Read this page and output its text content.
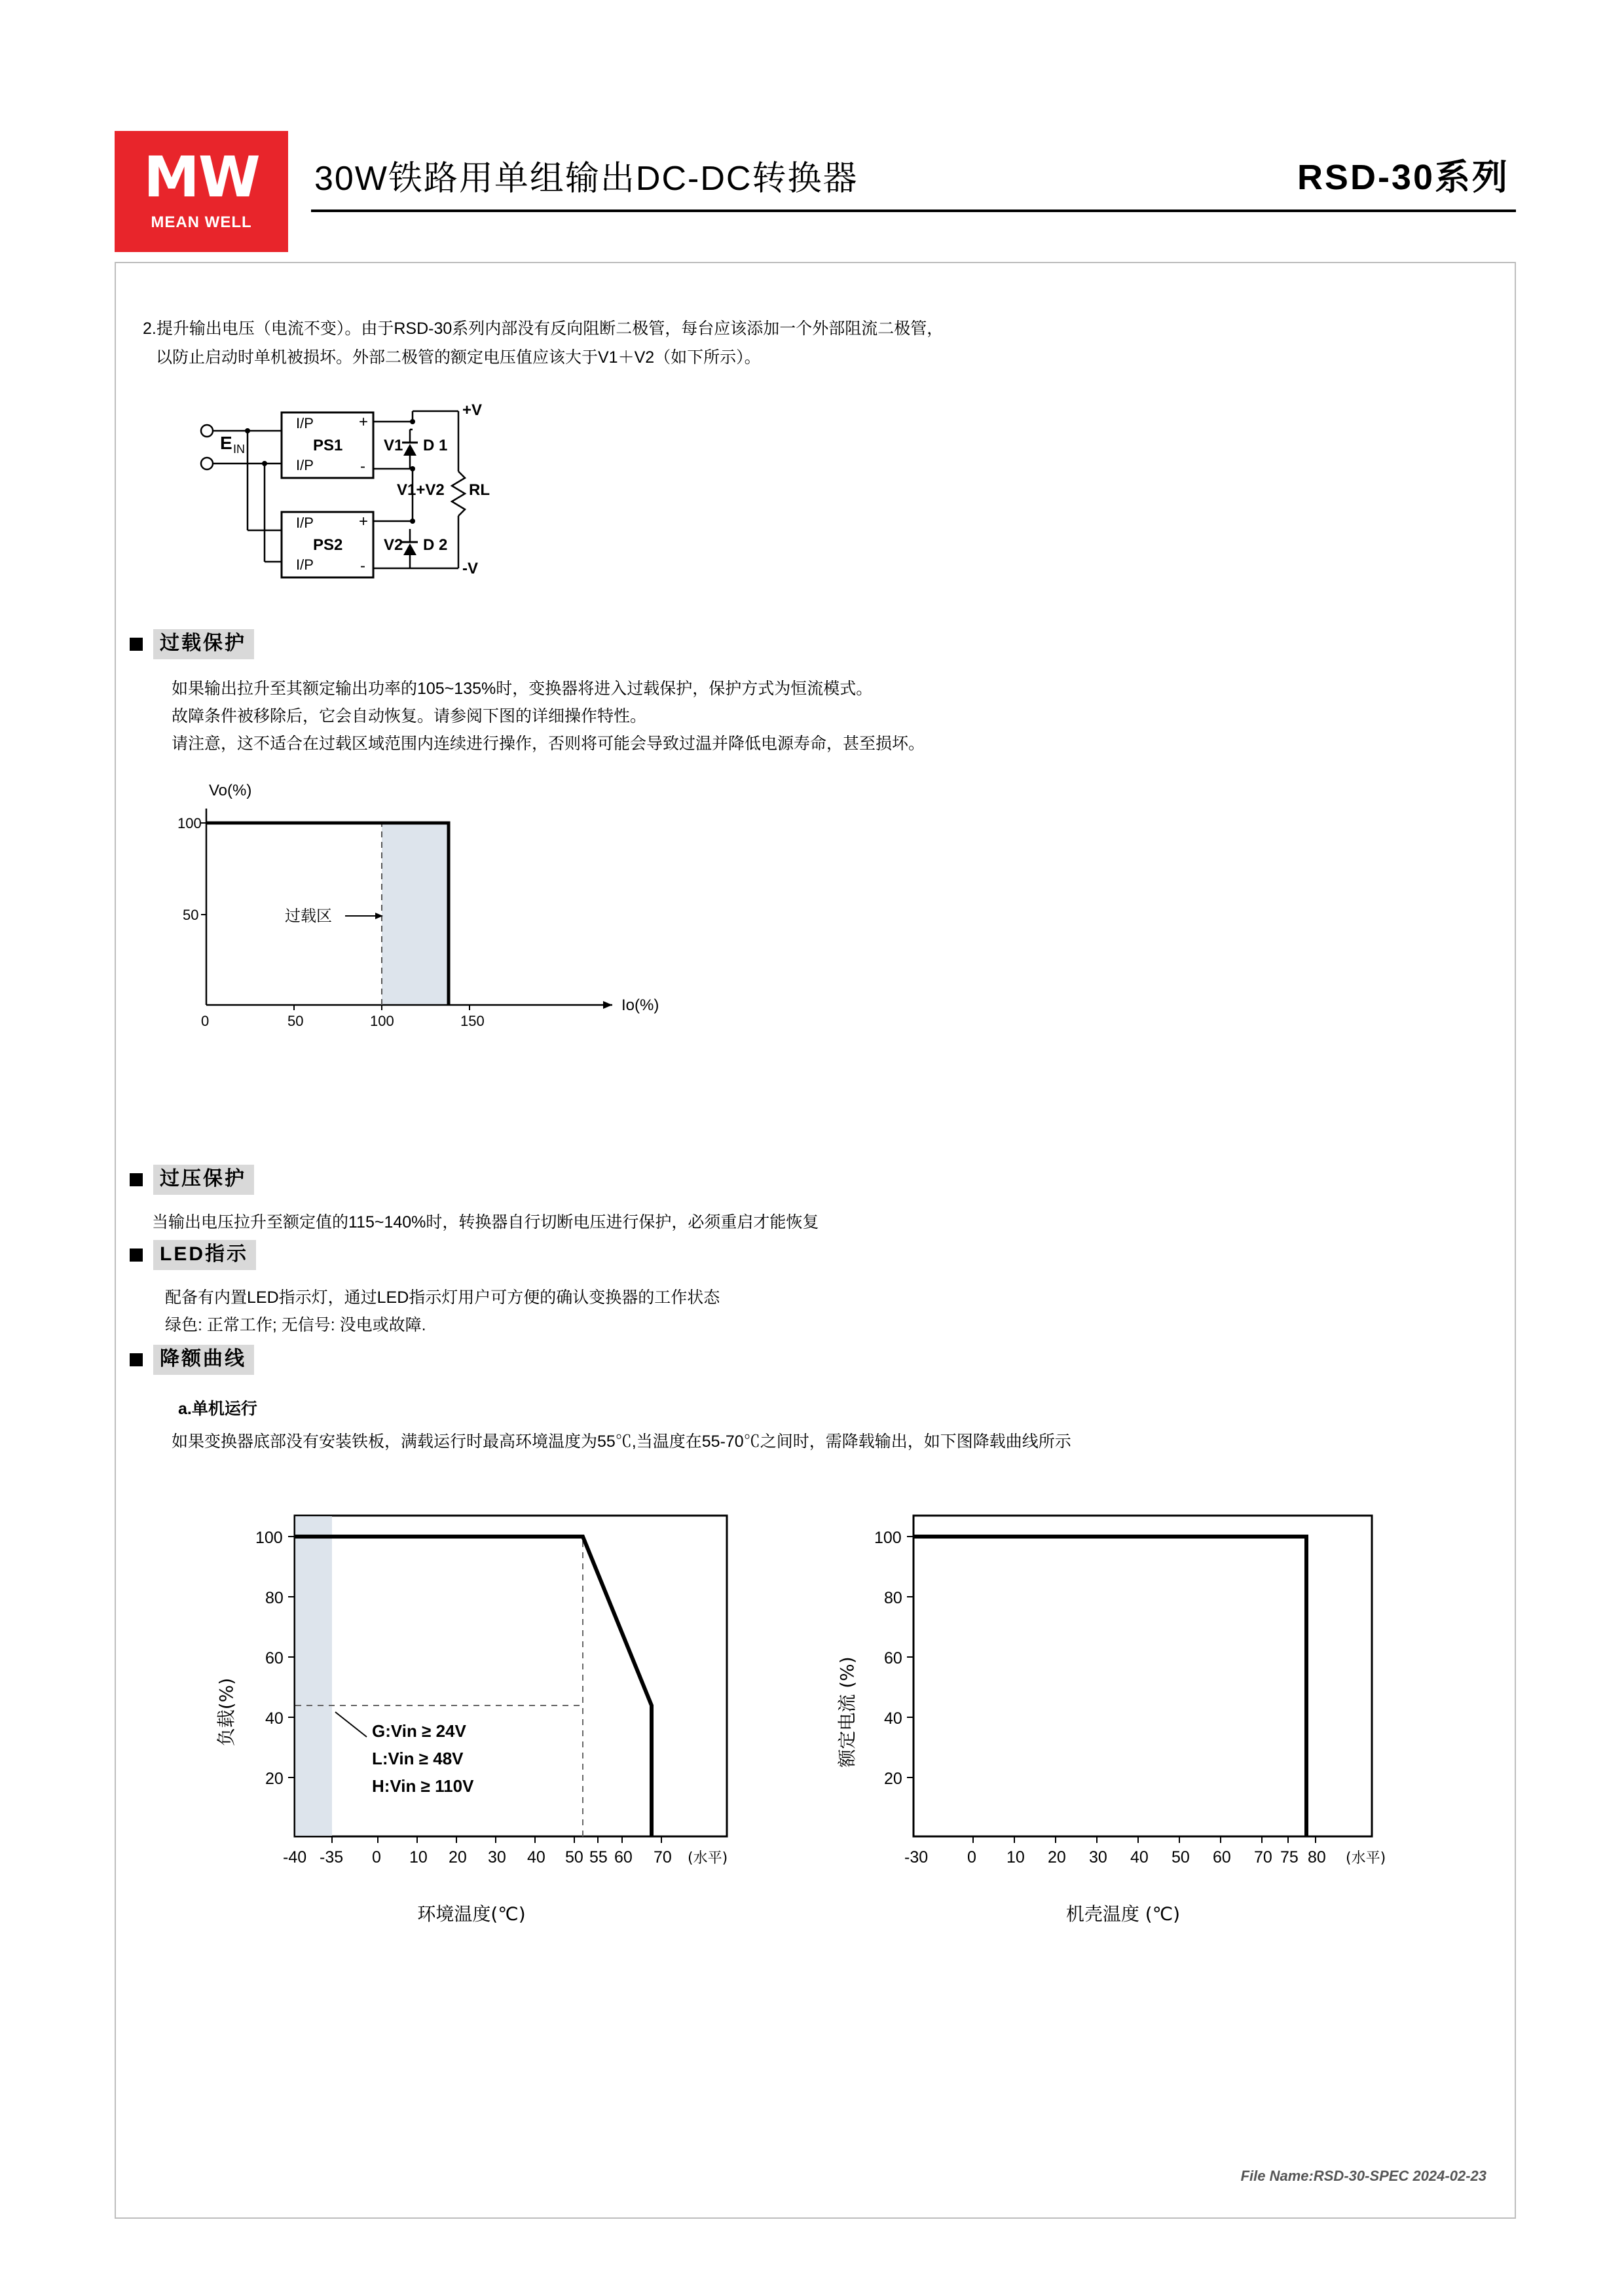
MW
MEAN WELL
30W铁路用单组输出DC-DC转换器	RSD-30系列
2.提升输出电压（电流不变）。由于RSD-30系列内部没有反向阻断二极管，每台应该添加一个外部阻流二极管，
以防止启动时单机被损坏。外部二极管的额定电压值应该大于V1＋V2（如下所示）。
I/P
I/P
PS1
+
-
I/P
I/P
PS2
+
-
V1 D 1
V2 D 2
RL
V1+V2
+V
-V
E IN
过载保护
如果输出拉升至其额定输出功率的105~135%时，变换器将进入过载保护，保护方式为恒流模式。
故障条件被移除后，它会自动恢复。请参阅下图的详细操作特性。
请注意，这不适合在过载区域范围内连续进行操作，否则将可能会导致过温并降低电源寿命，甚至损坏。
100
50
0	50	100	150
Vo(%)
Io(%)
过载区
过压保护
当输出电压拉升至额定值的115~140%时，转换器自行切断电压进行保护，必须重启才能恢复
LED指示
配备有内置LED指示灯，通过LED指示灯用户可方便的确认变换器的工作状态
绿色: 正常工作; 无信号: 没电或故障.
降额曲线
a.单机运行
如果变换器底部没有安装铁板，满载运行时最高环境温度为55℃,当温度在55-70℃之间时，需降载输出，如下图降载曲线所示
100
80
60
40
20
-40 -35 0 10 20 30 40 50 55 60 70 (水平)
G:Vin ≥ 24V
L:Vin ≥ 48V
H:Vin ≥ 110V
负载(%)
环境温度(℃)
100
80
60
40
20
-30 0 10 20 30 40 50 60 70 75 80 (水平)
额定电流 (%)
机壳温度 (℃)
File Name:RSD-30-SPEC 2024-02-23
